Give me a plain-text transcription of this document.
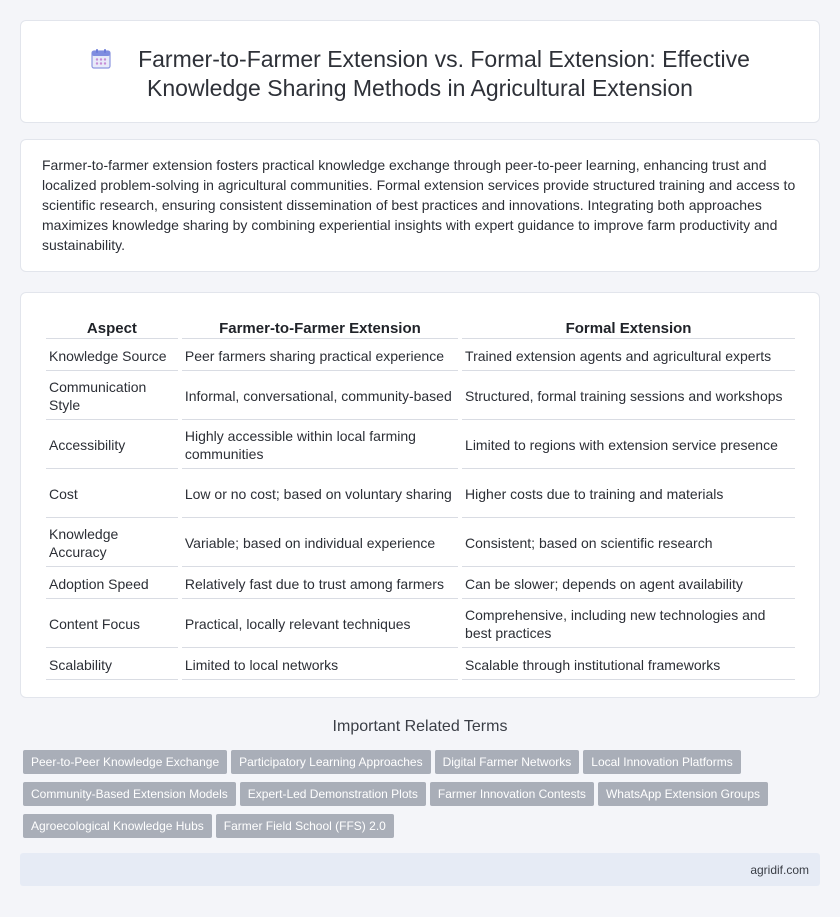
Farmer-to-Farmer Extension vs. Formal Extension: Effective
Knowledge Sharing Methods in Agricultural Extension

Farmer-to-farmer extension fosters practical knowledge exchange through peer-to-peer learning, enhancing trust and localized problem-solving in agricultural communities. Formal extension services provide structured training and access to scientific research, ensuring consistent dissemination of best practices and innovations. Integrating both approaches maximizes knowledge sharing by combining experiential insights with expert guidance to improve farm productivity and sustainability.

Aspect	Farmer-to-Farmer Extension	Formal Extension
Knowledge Source	Peer farmers sharing practical experience	Trained extension agents and agricultural experts
Communication Style	Informal, conversational, community-based	Structured, formal training sessions and workshops
Accessibility	Highly accessible within local farming communities	Limited to regions with extension service presence
Cost	Low or no cost; based on voluntary sharing	Higher costs due to training and materials
Knowledge Accuracy	Variable; based on individual experience	Consistent; based on scientific research
Adoption Speed	Relatively fast due to trust among farmers	Can be slower; depends on agent availability
Content Focus	Practical, locally relevant techniques	Comprehensive, including new technologies and best practices
Scalability	Limited to local networks	Scalable through institutional frameworks
Important Related Terms
Peer-to-Peer Knowledge Exchange Participatory Learning Approaches Digital Farmer Networks Local Innovation Platforms
Community-Based Extension Models Expert-Led Demonstration Plots Farmer Innovation Contests WhatsApp Extension Groups
Agroecological Knowledge Hubs Farmer Field School (FFS) 2.0
agridif.com
